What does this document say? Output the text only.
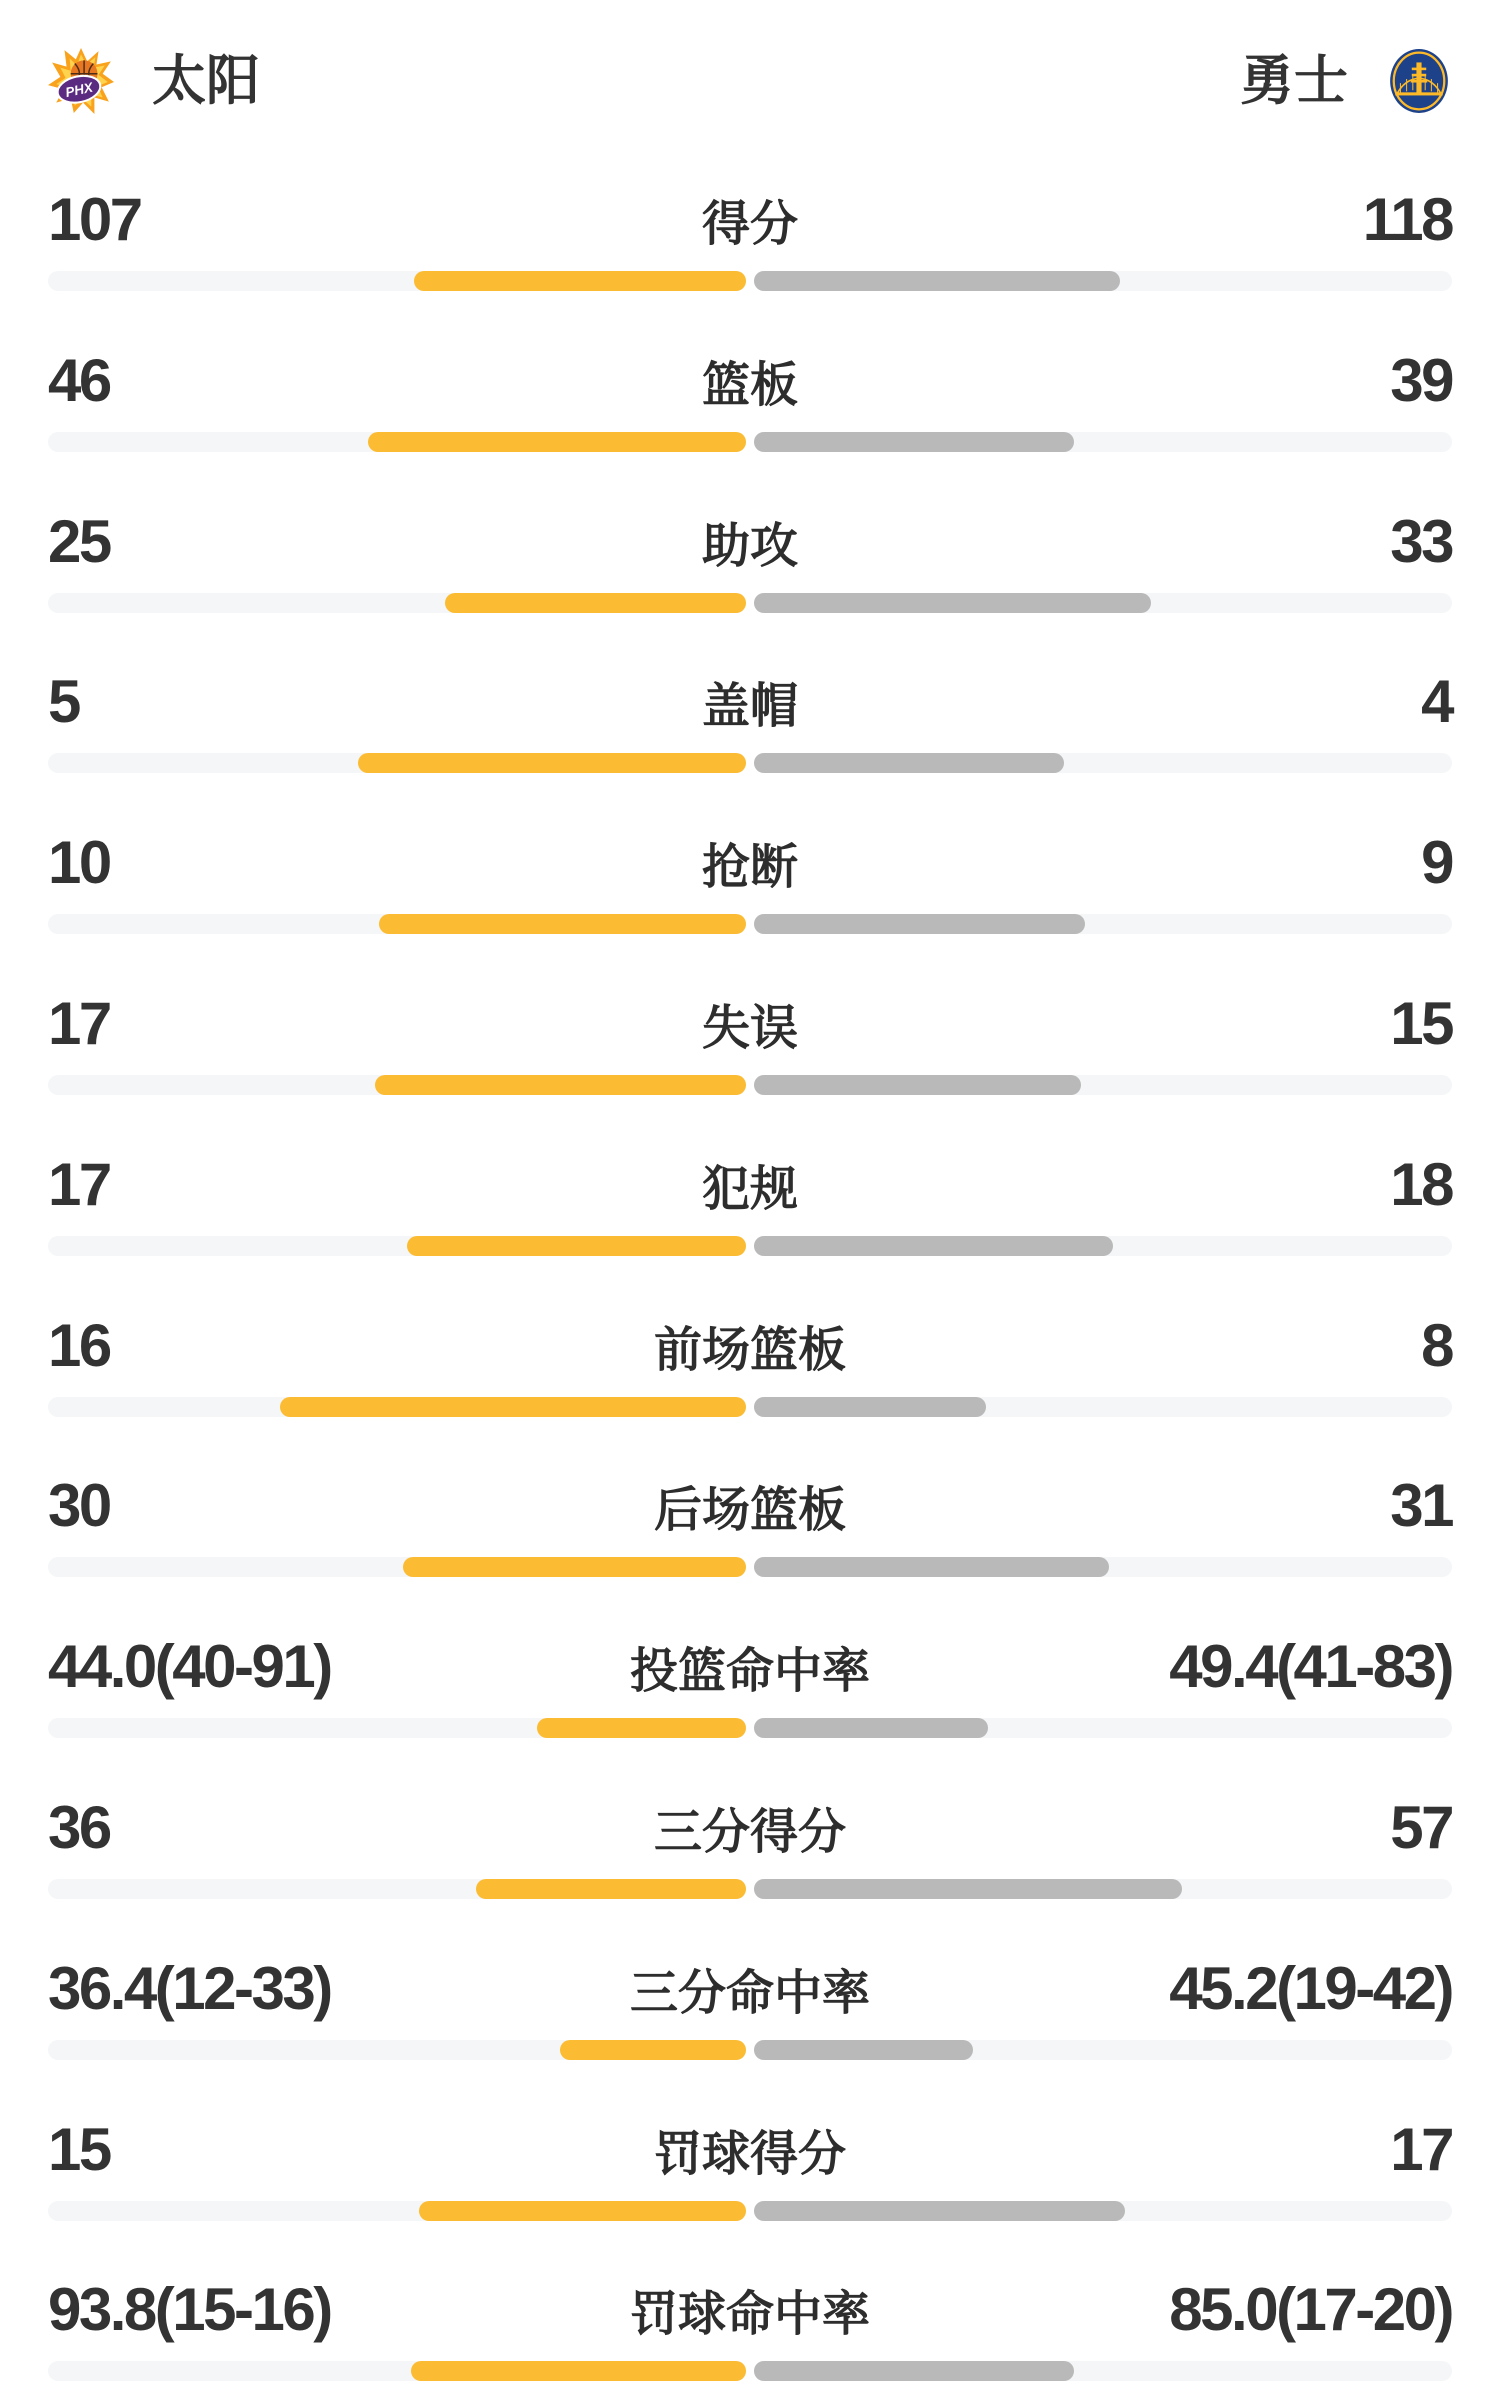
PHX 太阳	勇士
107	得分	118
46	篮板	39
25	助攻	33
5	盖帽	4
10	抢断	9
17	失误	15
17	犯规	18
16	前场篮板	8
30	后场篮板	31
44.0(40-91)	投篮命中率	49.4(41-83)
36	三分得分	57
36.4(12-33)	三分命中率	45.2(19-42)
15	罚球得分	17
93.8(15-16)	罚球命中率	85.0(17-20)
